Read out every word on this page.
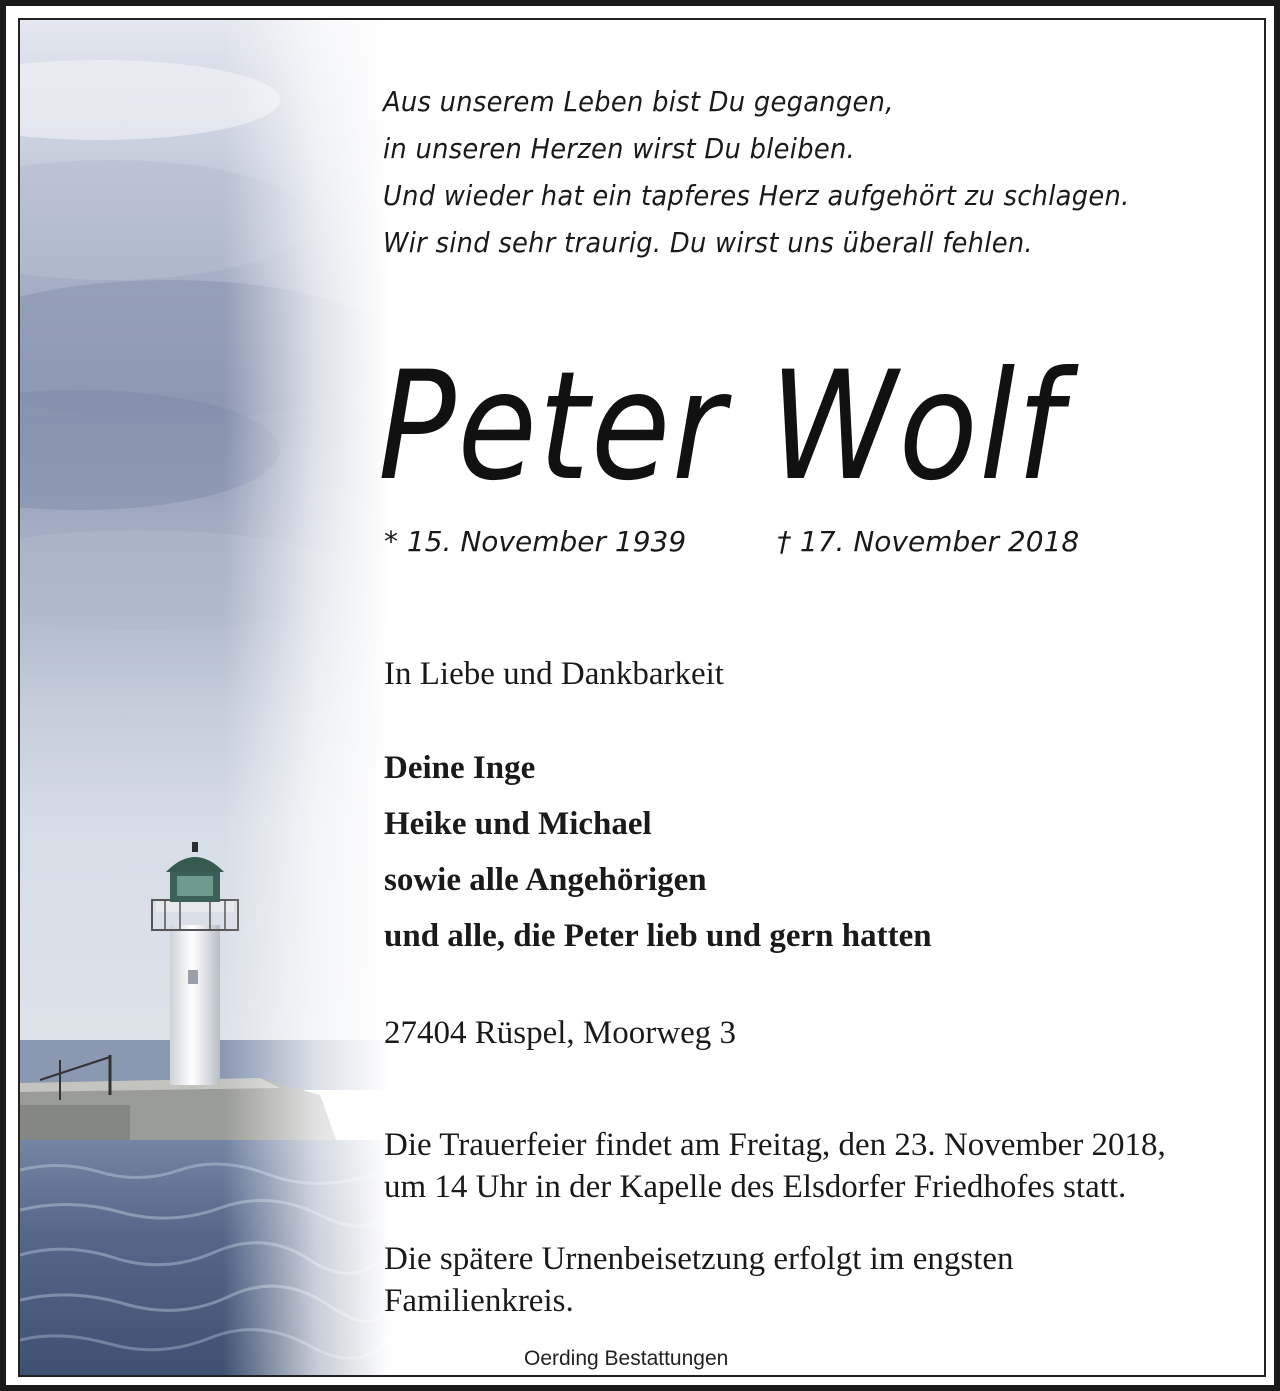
Aus unserem Leben bist Du gegangen,
in unseren Herzen wirst Du bleiben.
Und wieder hat ein tapferes Herz aufgehört zu schlagen.
Wir sind sehr traurig. Du wirst uns überall fehlen.
Peter Wolf
* 15. November 1939	† 17. November 2018
In Liebe und Dankbarkeit
Deine Inge
Heike und Michael
sowie alle Angehörigen
und alle, die Peter lieb und gern hatten
27404 Rüspel, Moorweg 3
Die Trauerfeier findet am Freitag, den 23. November 2018,
um 14 Uhr in der Kapelle des Elsdorfer Friedhofes statt.
Die spätere Urnenbeisetzung erfolgt im engsten
Familienkreis.
Oerding Bestattungen
